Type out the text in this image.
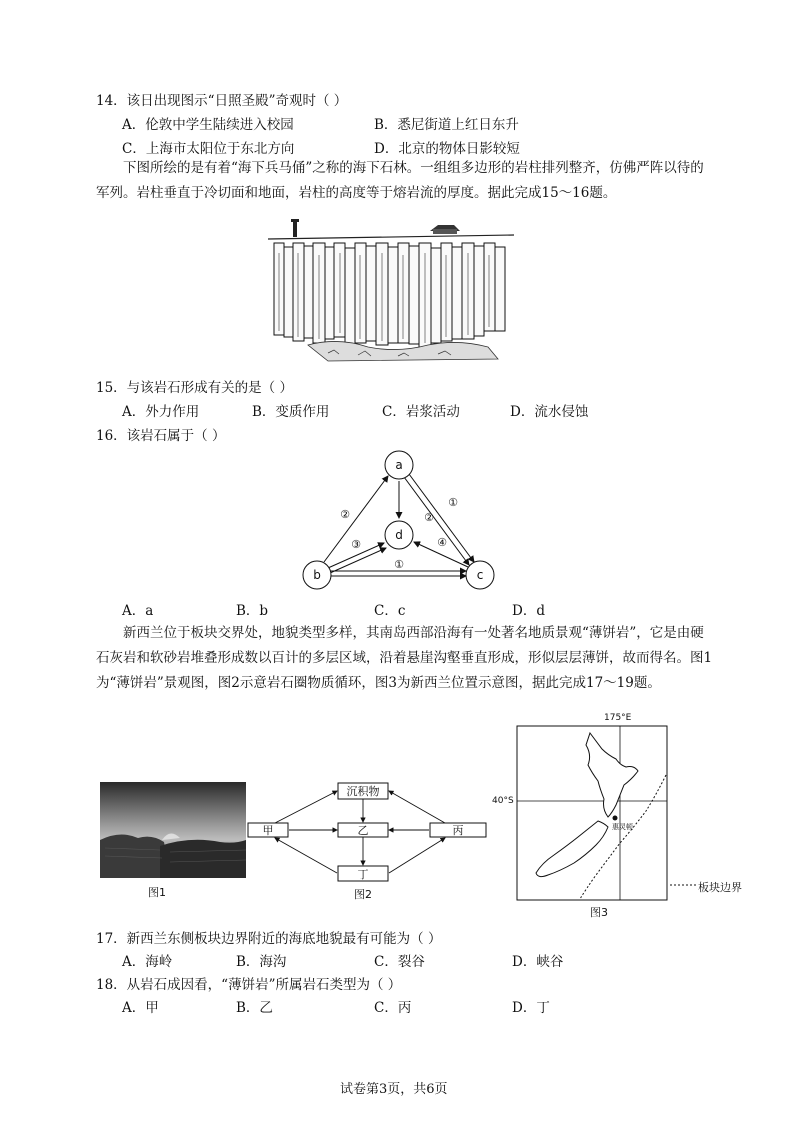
14．该日出现图示“日照圣殿”奇观时（ ）
A．伦敦中学生陆续进入校园	B．悉尼街道上红日东升
C．上海市太阳位于东北方向	D．北京的物体日影较短
下图所绘的是有着“海下兵马俑”之称的海下石林。一组组多边形的岩柱排列整齐，仿佛严阵以待的军列。岩柱垂直于冷切面和地面，岩柱的高度等于熔岩流的厚度。据此完成15～16题。
15．与该岩石形成有关的是（ ）
A．外力作用	B．变质作用	C．岩浆活动	D．流水侵蚀
16．该岩石属于（ ）
a
b	c
d
②
①
②
③	④
①
A．a	B．b	C．c	D．d
新西兰位于板块交界处，地貌类型多样，其南岛西部沿海有一处著名地质景观“薄饼岩”，它是由硬石灰岩和软砂岩堆叠形成数以百计的多层区域，沿着悬崖沟壑垂直形成，形似层层薄饼，故而得名。图1为“薄饼岩”景观图，图2示意岩石圈物质循环，图3为新西兰位置示意图，据此完成17～19题。
图1
沉积物
甲	乙	丙
丁
图2
惠灵顿
175°E
40°S
板块边界
图3
17．新西兰东侧板块边界附近的海底地貌最有可能为（ ）
A．海岭	B．海沟	C．裂谷	D．峡谷
18．从岩石成因看，“薄饼岩”所属岩石类型为（ ）
A．甲	B．乙	C．丙	D．丁
试卷第3页，共6页
